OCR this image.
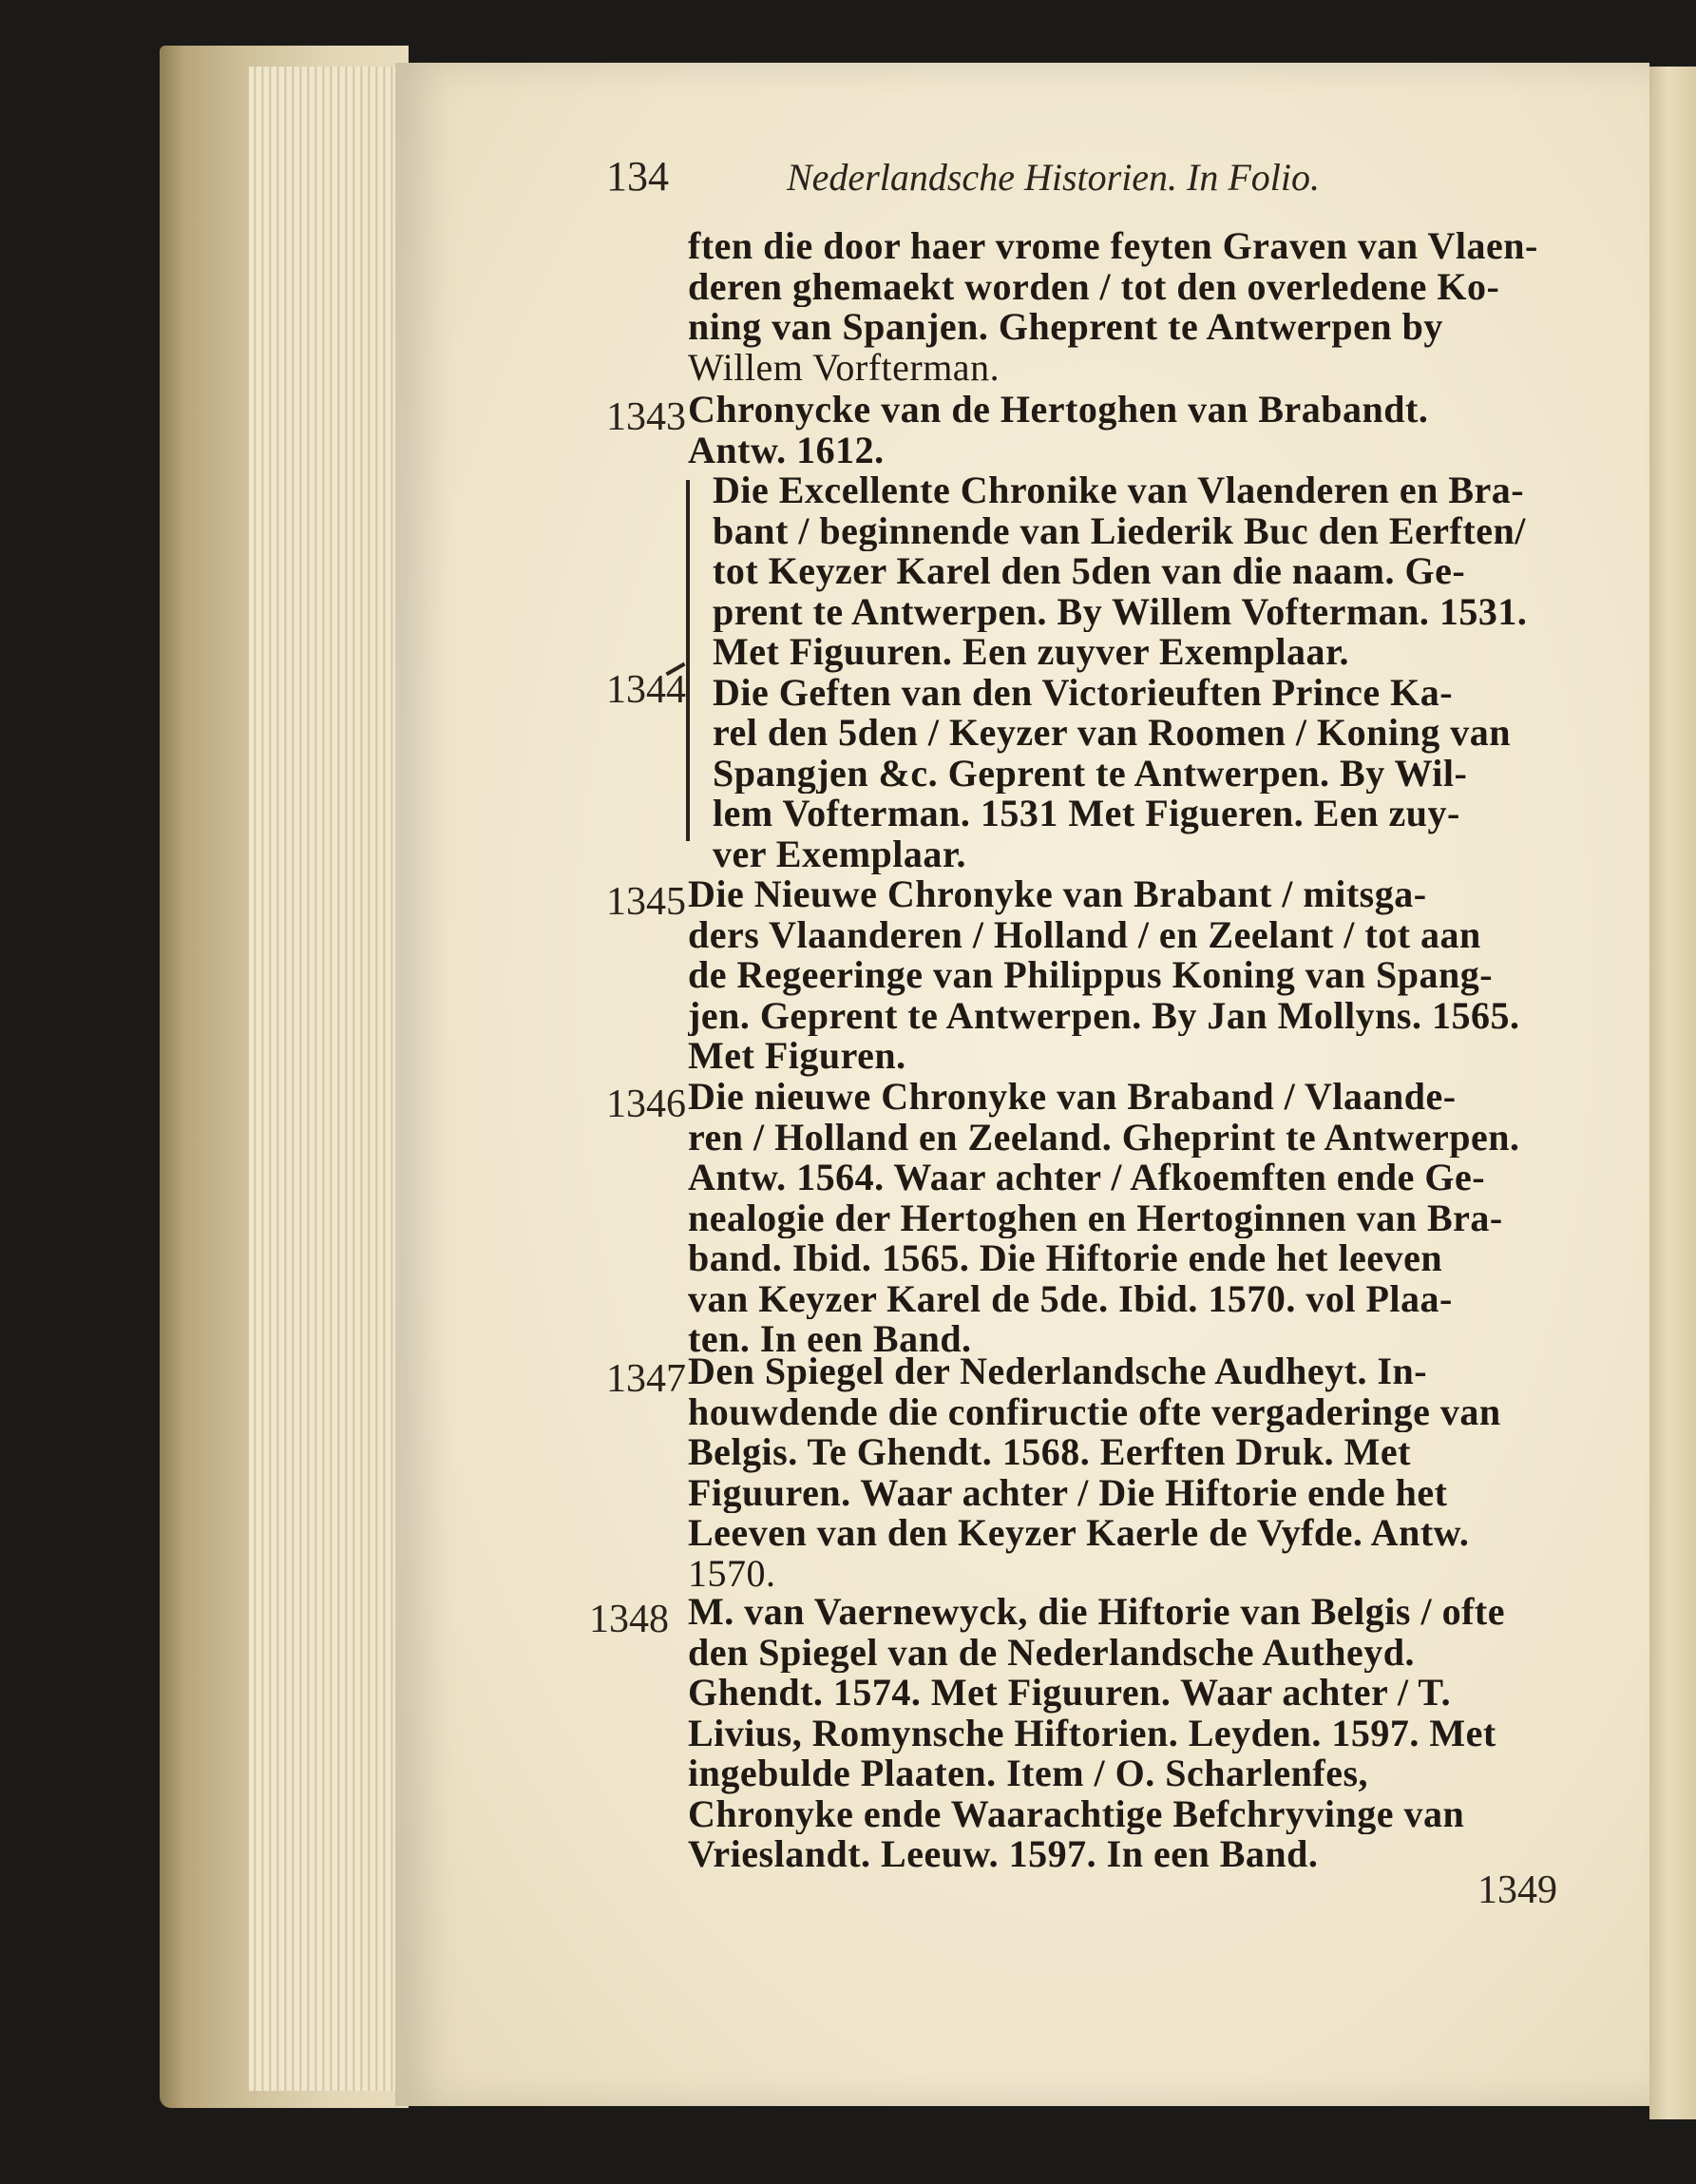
134	Nederlandsche Historien. In Folio.
ften die door haer vrome feyten Graven van Vlaen-
deren ghemaekt worden / tot den overledene Ko-
ning van Spanjen. Gheprent te Antwerpen by
Willem Vorfterman.
1343 Chronycke van de Hertoghen van Brabandt.
Antw. 1612.
1344
Die Excellente Chronike van Vlaenderen en Bra-
bant / beginnende van Liederik Buc den Eerften/
tot Keyzer Karel den 5den van die naam. Ge-
prent te Antwerpen. By Willem Vofterman. 1531.
Met Figuuren. Een zuyver Exemplaar.
Die Geften van den Victorieuften Prince Ka-
rel den 5den / Keyzer van Roomen / Koning van
Spangjen &c. Geprent te Antwerpen. By Wil-
lem Vofterman. 1531 Met Figueren. Een zuy-
ver Exemplaar.
1345 Die Nieuwe Chronyke van Brabant / mitsga-
ders Vlaanderen / Holland / en Zeelant / tot aan
de Regeeringe van Philippus Koning van Spang-
jen. Geprent te Antwerpen. By Jan Mollyns. 1565.
Met Figuren.
1346 Die nieuwe Chronyke van Braband / Vlaande-
ren / Holland en Zeeland. Gheprint te Antwerpen.
Antw. 1564. Waar achter / Afkoemften ende Ge-
nealogie der Hertoghen en Hertoginnen van Bra-
band. Ibid. 1565. Die Hiftorie ende het leeven
van Keyzer Karel de 5de. Ibid. 1570. vol Plaa-
ten. In een Band.
1347 Den Spiegel der Nederlandsche Audheyt. In-
houwdende die confiructie ofte vergaderinge van
Belgis. Te Ghendt. 1568. Eerften Druk. Met
Figuuren. Waar achter / Die Hiftorie ende het
Leeven van den Keyzer Kaerle de Vyfde. Antw.
1570.
1348 M. van Vaernewyck, die Hiftorie van Belgis / ofte
den Spiegel van de Nederlandsche Autheyd.
Ghendt. 1574. Met Figuuren. Waar achter / T.
Livius, Romynsche Hiftorien. Leyden. 1597. Met
ingebulde Plaaten. Item / O. Scharlenfes,
Chronyke ende Waarachtige Befchryvinge van
Vrieslandt. Leeuw. 1597. In een Band.
1349
